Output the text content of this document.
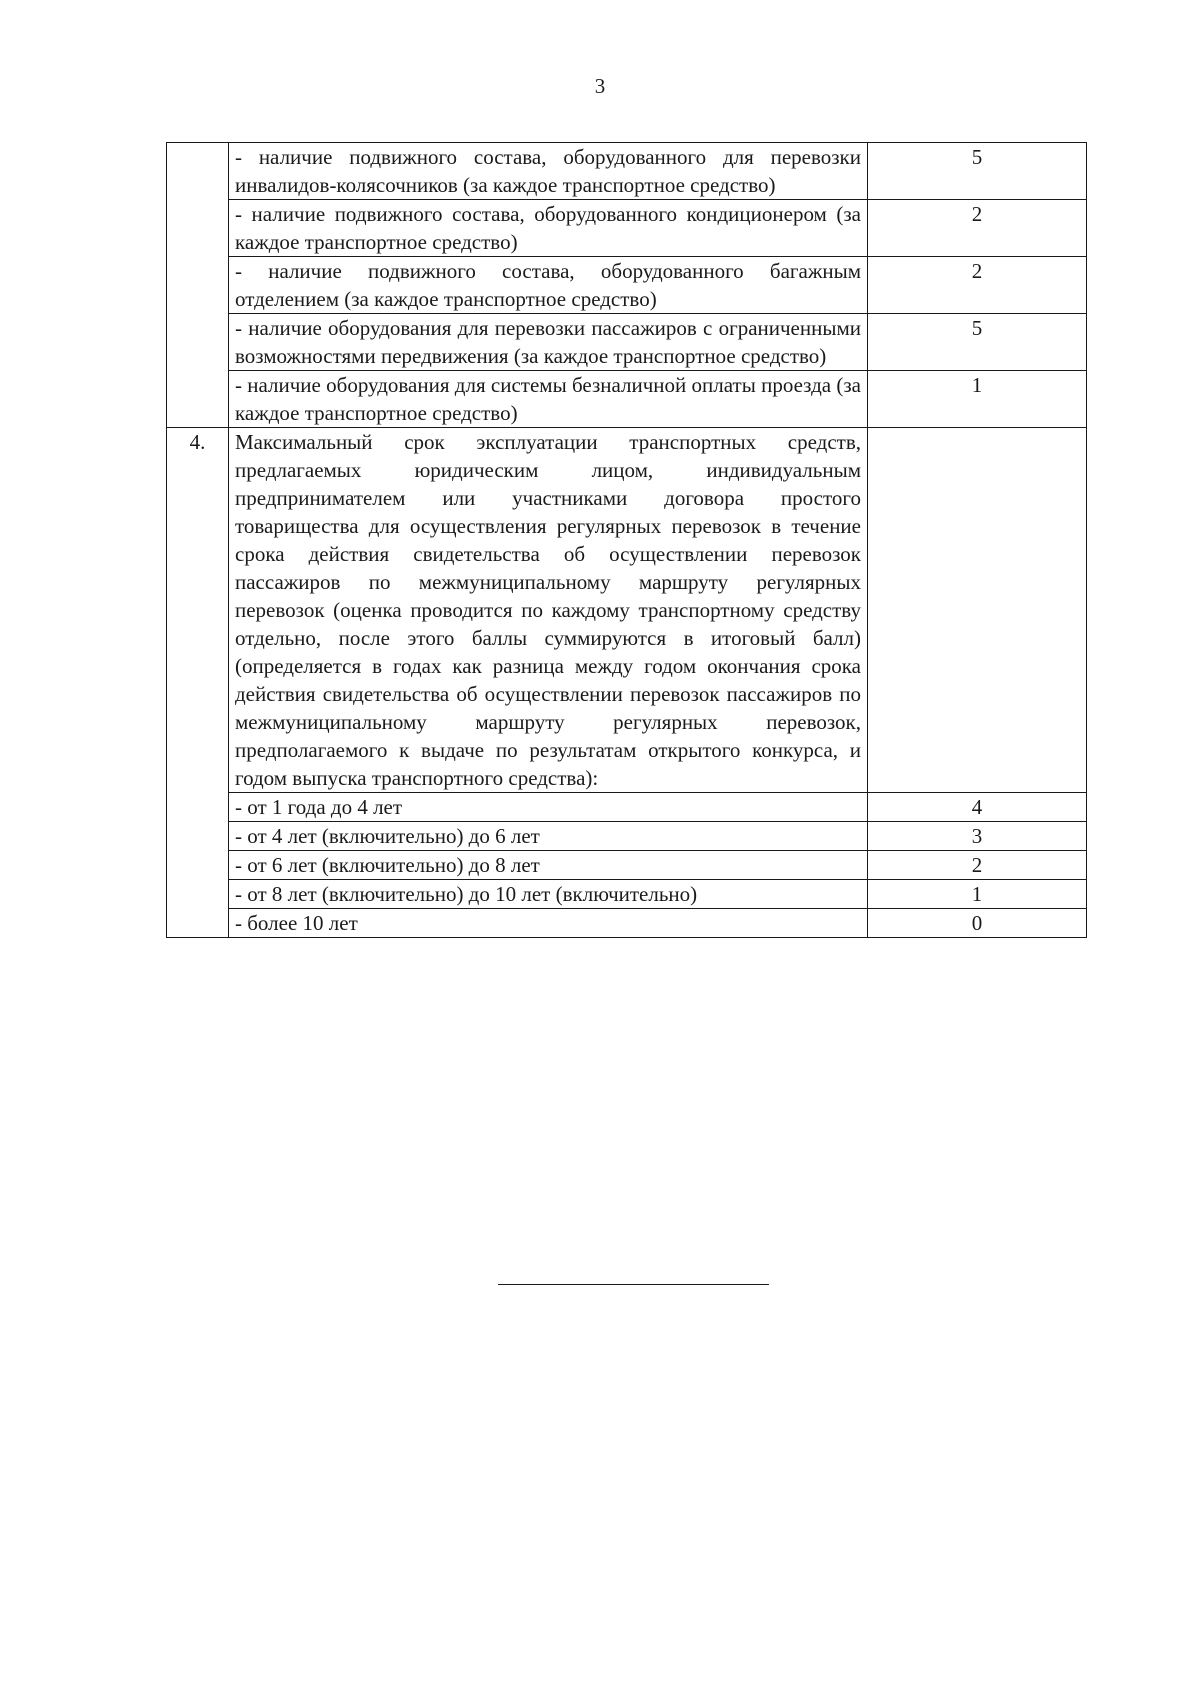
3
	- наличие подвижного состава, оборудованного для перевозки инвалидов-колясочников (за каждое транспортное средство)	5
	- наличие подвижного состава, оборудованного кондиционером (за каждое транспортное средство)	2
	- наличие подвижного состава, оборудованного багажным отделением (за каждое транспортное средство)	2
	- наличие оборудования для перевозки пассажиров с ограниченными возможностями передвижения (за каждое транспортное средство)	5
	- наличие оборудования для системы безналичной оплаты проезда (за каждое транспортное средство)	1
4.	Максимальный срок эксплуатации транспортных средств, предлагаемых юридическим лицом, индивидуальным предпринимателем или участниками договора простого товарищества для осуществления регулярных перевозок в течение срока действия свидетельства об осуществлении перевозок пассажиров по межмуниципальному маршруту регулярных перевозок (оценка проводится по каждому транспортному средству отдельно, после этого баллы суммируются в итоговый балл) (определяется в годах как разница между годом окончания срока действия свидетельства об осуществлении перевозок пассажиров по межмуниципальному маршруту регулярных перевозок, предполагаемого к выдаче по результатам открытого конкурса, и годом выпуска транспортного средства):	
	- от 1 года до 4 лет	4
	- от 4 лет (включительно) до 6 лет	3
	- от 6 лет (включительно) до 8 лет	2
	- от 8 лет (включительно) до 10 лет (включительно)	1
	- более 10 лет	0
